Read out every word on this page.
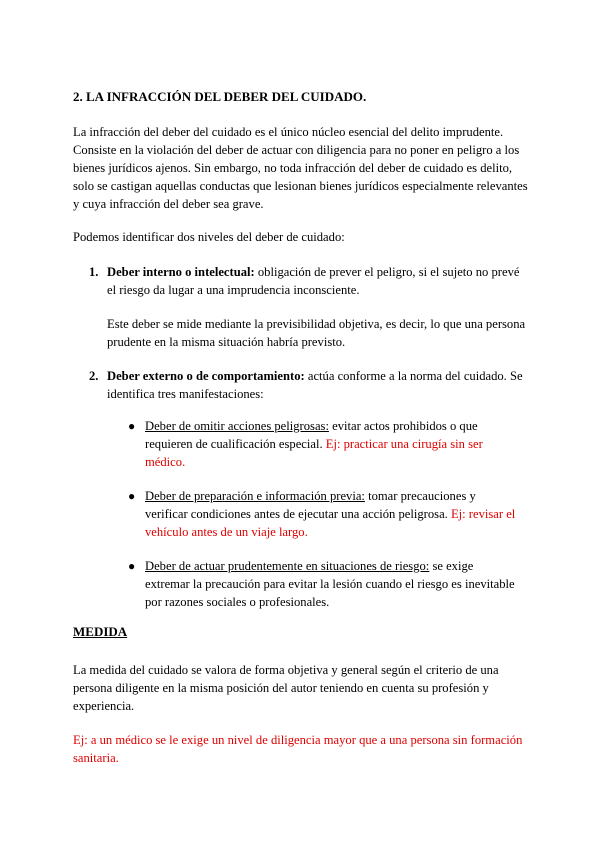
2. LA INFRACCIÓN DEL DEBER DEL CUIDADO.

La infracción del deber del cuidado es el único núcleo esencial del delito imprudente. Consiste en la violación del deber de actuar con diligencia para no poner en peligro a los bienes jurídicos ajenos. Sin embargo, no toda infracción del deber de cuidado es delito, solo se castigan aquellas conductas que lesionan bienes jurídicos especialmente relevantes y cuya infracción del deber sea grave.

Podemos identificar dos niveles del deber de cuidado:

1. Deber interno o intelectual: obligación de prever el peligro, si el sujeto no prevé el riesgo da lugar a una imprudencia inconsciente.

Este deber se mide mediante la previsibilidad objetiva, es decir, lo que una persona prudente en la misma situación habría previsto.

2. Deber externo o de comportamiento: actúa conforme a la norma del cuidado. Se identifica tres manifestaciones:

● Deber de omitir acciones peligrosas: evitar actos prohibidos o que requieren de cualificación especial. Ej: practicar una cirugía sin ser médico.

● Deber de preparación e información previa: tomar precauciones y verificar condiciones antes de ejecutar una acción peligrosa. Ej: revisar el vehículo antes de un viaje largo.

● Deber de actuar prudentemente en situaciones de riesgo: se exige extremar la precaución para evitar la lesión cuando el riesgo es inevitable por razones sociales o profesionales.

MEDIDA

La medida del cuidado se valora de forma objetiva y general según el criterio de una persona diligente en la misma posición del autor teniendo en cuenta su profesión y experiencia.

Ej: a un médico se le exige un nivel de diligencia mayor que a una persona sin formación sanitaria.
